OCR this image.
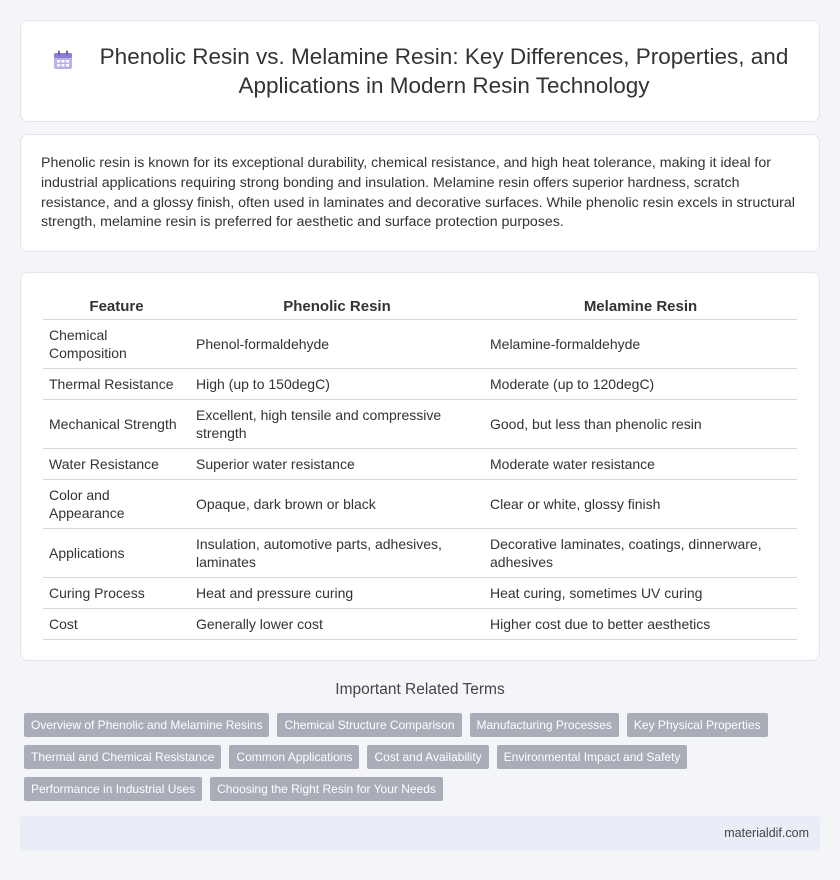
Phenolic Resin vs. Melamine Resin: Key Differences, Properties, and Applications in Modern Resin Technology

Phenolic resin is known for its exceptional durability, chemical resistance, and high heat tolerance, making it ideal for industrial applications requiring strong bonding and insulation. Melamine resin offers superior hardness, scratch resistance, and a glossy finish, often used in laminates and decorative surfaces. While phenolic resin excels in structural strength, melamine resin is preferred for aesthetic and surface protection purposes.

Feature	Phenolic Resin	Melamine Resin
Chemical Composition	Phenol-formaldehyde	Melamine-formaldehyde
Thermal Resistance	High (up to 150degC)	Moderate (up to 120degC)
Mechanical Strength	Excellent, high tensile and compressive strength	Good, but less than phenolic resin
Water Resistance	Superior water resistance	Moderate water resistance
Color and Appearance	Opaque, dark brown or black	Clear or white, glossy finish
Applications	Insulation, automotive parts, adhesives, laminates	Decorative laminates, coatings, dinnerware, adhesives
Curing Process	Heat and pressure curing	Heat curing, sometimes UV curing
Cost	Generally lower cost	Higher cost due to better aesthetics
Important Related Terms
Overview of Phenolic and Melamine Resins	Chemical Structure Comparison	Manufacturing Processes	Key Physical Properties
Thermal and Chemical Resistance	Common Applications	Cost and Availability	Environmental Impact and Safety
Performance in Industrial Uses	Choosing the Right Resin for Your Needs
materialdif.com
